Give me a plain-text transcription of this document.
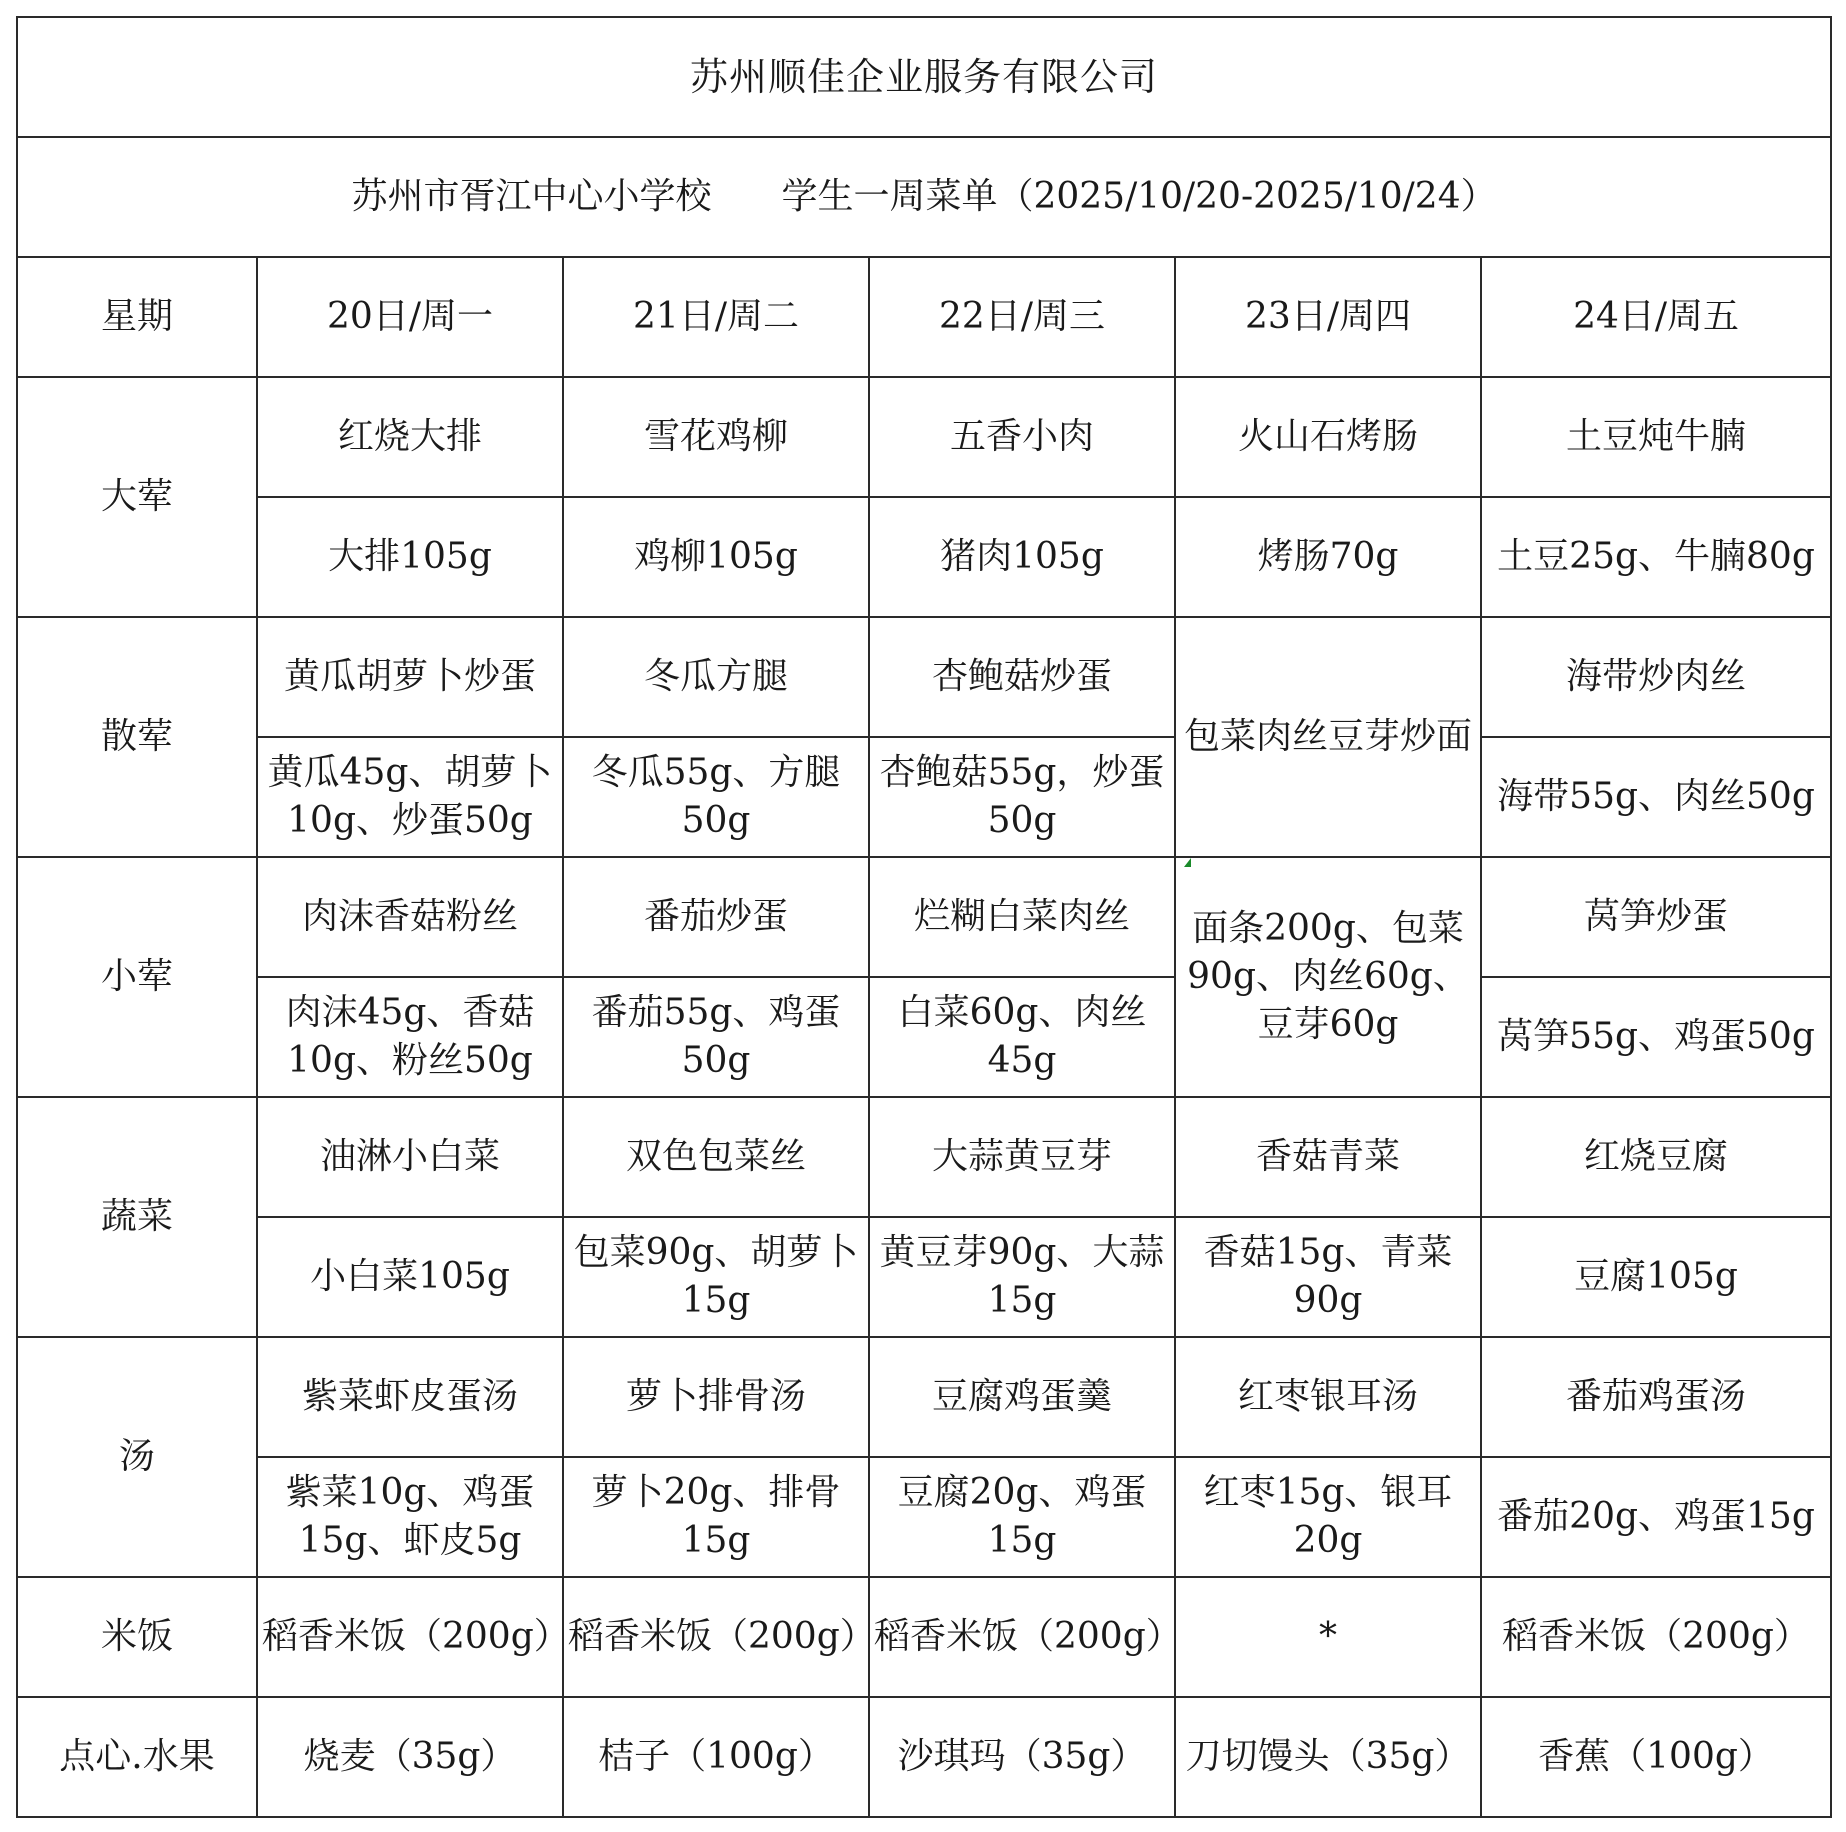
苏州顺佳企业服务有限公司					
苏州市胥江中心小学校 学生一周菜单（2025/10/20-2025/10/24）					
星期	20日/周一	21日/周二	22日/周三	23日/周四	24日/周五
大荤	红烧大排	雪花鸡柳	五香小肉	火山石烤肠	土豆炖牛腩
	大排105g	鸡柳105g	猪肉105g	烤肠70g	土豆25g、牛腩80g
散荤	黄瓜胡萝卜炒蛋	冬瓜方腿	杏鲍菇炒蛋	包菜肉丝豆芽炒面	海带炒肉丝
	黄瓜45g、胡萝卜10g、炒蛋50g	冬瓜55g、方腿50g	杏鲍菇55g，炒蛋50g		海带55g、肉丝50g
小荤	肉沫香菇粉丝	番茄炒蛋	烂糊白菜肉丝	面条200g、包菜90g、肉丝60g、豆芽60g	莴笋炒蛋
	肉沫45g、香菇10g、粉丝50g	番茄55g、鸡蛋50g	白菜60g、肉丝45g		莴笋55g、鸡蛋50g
蔬菜	油淋小白菜	双色包菜丝	大蒜黄豆芽	香菇青菜	红烧豆腐
	小白菜105g	包菜90g、胡萝卜15g	黄豆芽90g、大蒜15g	香菇15g、青菜90g	豆腐105g
汤	紫菜虾皮蛋汤	萝卜排骨汤	豆腐鸡蛋羹	红枣银耳汤	番茄鸡蛋汤
	紫菜10g、鸡蛋15g、虾皮5g	萝卜20g、排骨15g	豆腐20g、鸡蛋15g	红枣15g、银耳20g	番茄20g、鸡蛋15g
米饭	稻香米饭（200g）	稻香米饭（200g）	稻香米饭（200g）	*	稻香米饭（200g）
点心.水果	烧麦（35g）	桔子（100g）	沙琪玛（35g）	刀切馒头（35g）	香蕉（100g）
